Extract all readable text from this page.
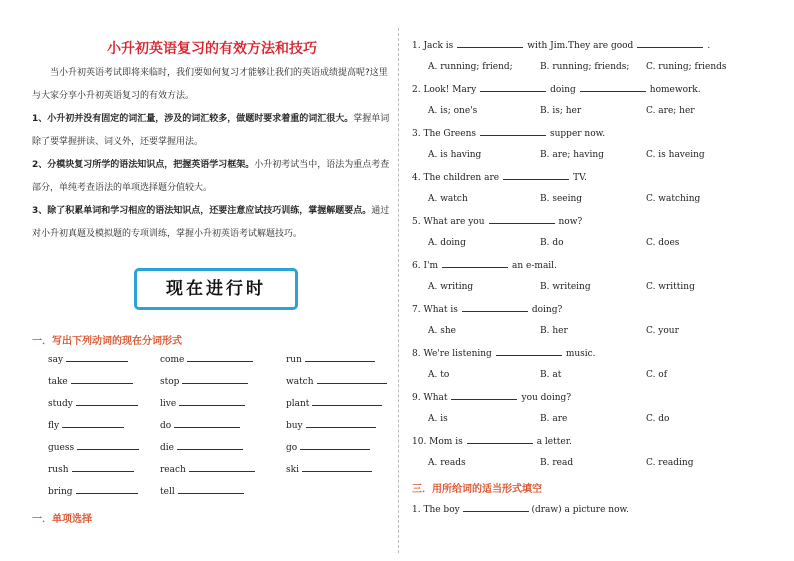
小升初英语复习的有效方法和技巧
当小升初英语考试即将来临时，我们要如何复习才能够让我们的英语成绩提高呢?这里与大家分享小升初英语复习的有效方法。
1、小升初并没有固定的词汇量，涉及的词汇较多，做题时要求着重的词汇很大。掌握单词除了要掌握拼读、词义外，还要掌握用法。
2、分模块复习所学的语法知识点，把握英语学习框架。小升初考试当中，语法为重点考查部分，单纯考查语法的单项选择题分值较大。
3、除了积累单词和学习相应的语法知识点，还要注意应试技巧训练，掌握解题要点。通过对小升初真题及模拟题的专项训练，掌握小升初英语考试解题技巧。
现在进行时
一．写出下列动词的现在分词形式
say	come	run
take	stop	watch
study	live	plant
fly	do	buy
guess	die	go
rush	reach	ski
bring	tell
一．单项选择
1. Jack is	with Jim.They are good	.
A. running; friend;	B. running; friends; C. runing; friends
2. Look! Mary	doing	homework.
A. is; one's	B. is; her	C. are; her
3. The Greens	supper now.
A. is having	B. are; having	C. is haveing
4. The children are	TV.
A. watch	B. seeing	C. watching
5. What are you	now?
A. doing	B. do	C. does
6. I'm	an e-mail.
A. writing	B. writeing	C. writting
7. What is	doing?
A. she	B. her	C. your
8. We're listening	music.
A. to	B. at	C. of
9. What	you doing?
A. is	B. are	C. do
10. Mom is	a letter.
A. reads	B. read	C. reading
三．用所给词的适当形式填空
1. The boy	(draw) a picture now.
